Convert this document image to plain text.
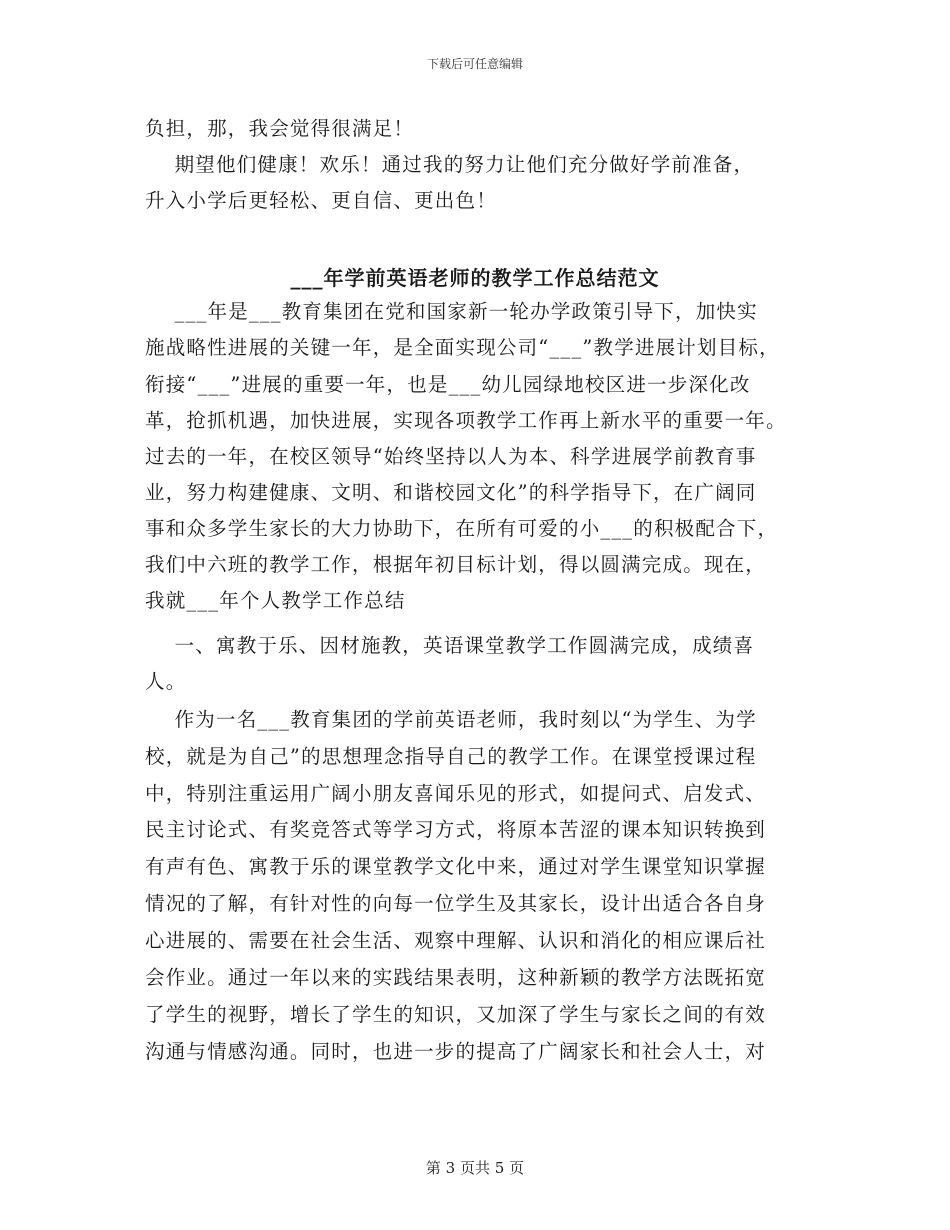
下载后可任意编辑
负担，那，我会觉得很满足！
期望他们健康！欢乐！通过我的努力让他们充分做好学前准备，
升入小学后更轻松、更自信、更出色！
___年学前英语老师的教学工作总结范文
___年是___教育集团在党和国家新一轮办学政策引导下，加快实
施战略性进展的关键一年，是全面实现公司“___”教学进展计划目标，
衔接“___”进展的重要一年，也是___幼儿园绿地校区进一步深化改
革，抢抓机遇，加快进展，实现各项教学工作再上新水平的重要一年。
过去的一年，在校区领导“始终坚持以人为本、科学进展学前教育事
业，努力构建健康、文明、和谐校园文化”的科学指导下，在广阔同
事和众多学生家长的大力协助下，在所有可爱的小___的积极配合下，
我们中六班的教学工作，根据年初目标计划，得以圆满完成。现在，
我就___年个人教学工作总结
一、寓教于乐、因材施教，英语课堂教学工作圆满完成，成绩喜
人。
作为一名___教育集团的学前英语老师，我时刻以“为学生、为学
校，就是为自己”的思想理念指导自己的教学工作。在课堂授课过程
中，特别注重运用广阔小朋友喜闻乐见的形式，如提问式、启发式、
民主讨论式、有奖竞答式等学习方式，将原本苦涩的课本知识转换到
有声有色、寓教于乐的课堂教学文化中来，通过对学生课堂知识掌握
情况的了解，有针对性的向每一位学生及其家长，设计出适合各自身
心进展的、需要在社会生活、观察中理解、认识和消化的相应课后社
会作业。通过一年以来的实践结果表明，这种新颖的教学方法既拓宽
了学生的视野，增长了学生的知识，又加深了学生与家长之间的有效
沟通与情感沟通。同时，也进一步的提高了广阔家长和社会人士，对
第 3 页共 5 页
